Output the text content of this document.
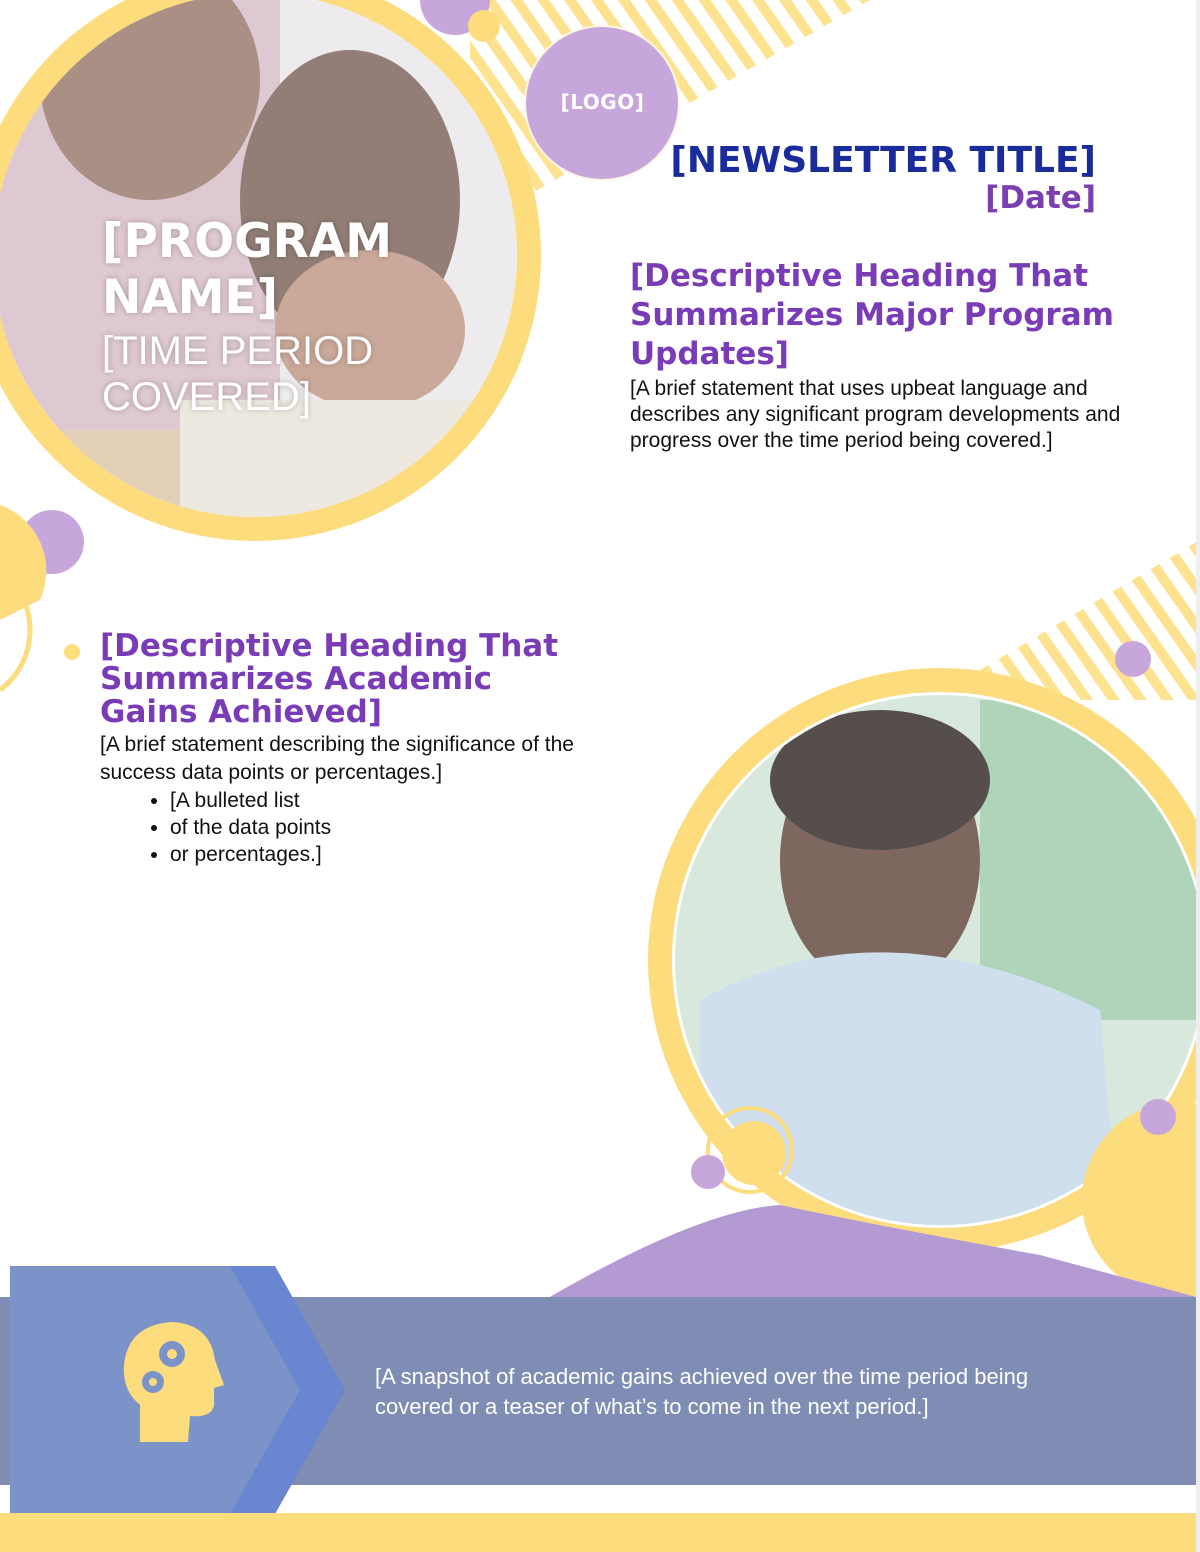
[LOGO]
[NEWSLETTER TITLE]
[Date]
[PROGRAM NAME]
[TIME PERIOD COVERED]
[Descriptive Heading That Summarizes Major Program Updates]

[A brief statement that uses upbeat language and describes any significant program developments and progress over the time period being covered.]

[Descriptive Heading That Summarizes Academic Gains Achieved]

[A brief statement describing the significance of the success data points or percentages.]

• [A bulleted list
• of the data points
• or percentages.]
[A snapshot of academic gains achieved over the time period being covered or a teaser of what’s to come in the next period.]
